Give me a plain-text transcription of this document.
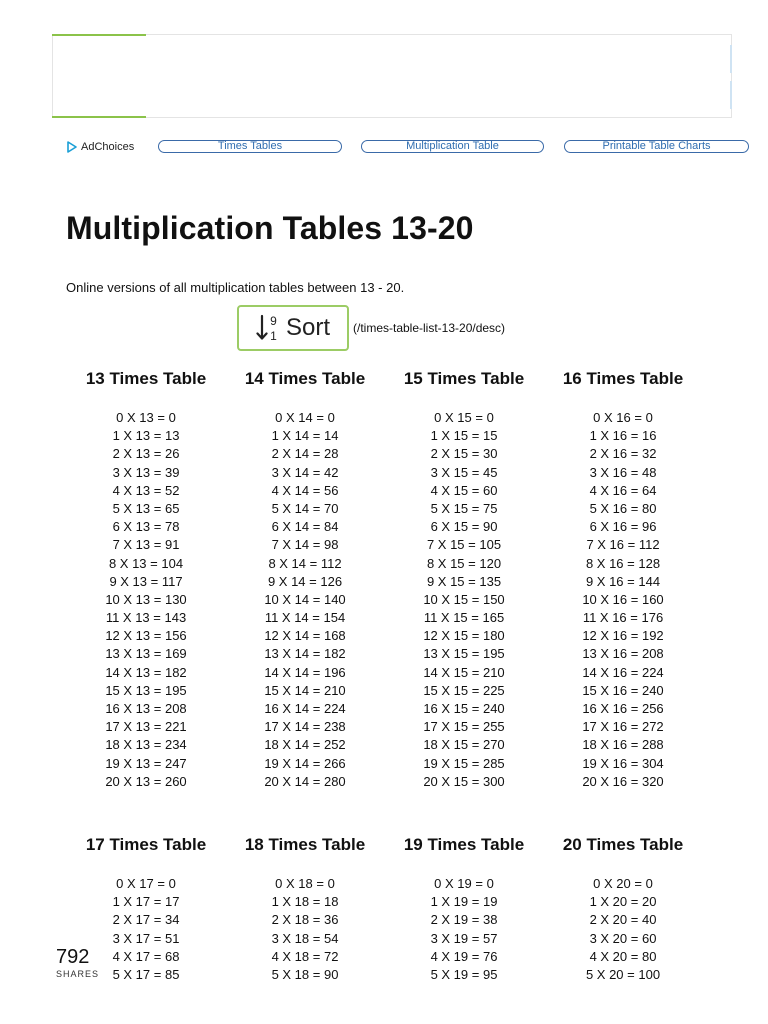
AdChoices	Times Tables	Multiplication Table	Printable Table Charts
Multiplication Tables 13-20
Online versions of all multiplication tables between 13 - 20.
9
1 Sort (/times-table-list-13-20/desc)
13 Times Table
0 X 13 = 0
1 X 13 = 13
2 X 13 = 26
3 X 13 = 39
4 X 13 = 52
5 X 13 = 65
6 X 13 = 78
7 X 13 = 91
8 X 13 = 104
9 X 13 = 117
10 X 13 = 130
11 X 13 = 143
12 X 13 = 156
13 X 13 = 169
14 X 13 = 182
15 X 13 = 195
16 X 13 = 208
17 X 13 = 221
18 X 13 = 234
19 X 13 = 247
20 X 13 = 260
14 Times Table
0 X 14 = 0
1 X 14 = 14
2 X 14 = 28
3 X 14 = 42
4 X 14 = 56
5 X 14 = 70
6 X 14 = 84
7 X 14 = 98
8 X 14 = 112
9 X 14 = 126
10 X 14 = 140
11 X 14 = 154
12 X 14 = 168
13 X 14 = 182
14 X 14 = 196
15 X 14 = 210
16 X 14 = 224
17 X 14 = 238
18 X 14 = 252
19 X 14 = 266
20 X 14 = 280
15 Times Table
0 X 15 = 0
1 X 15 = 15
2 X 15 = 30
3 X 15 = 45
4 X 15 = 60
5 X 15 = 75
6 X 15 = 90
7 X 15 = 105
8 X 15 = 120
9 X 15 = 135
10 X 15 = 150
11 X 15 = 165
12 X 15 = 180
13 X 15 = 195
14 X 15 = 210
15 X 15 = 225
16 X 15 = 240
17 X 15 = 255
18 X 15 = 270
19 X 15 = 285
20 X 15 = 300
16 Times Table
0 X 16 = 0
1 X 16 = 16
2 X 16 = 32
3 X 16 = 48
4 X 16 = 64
5 X 16 = 80
6 X 16 = 96
7 X 16 = 112
8 X 16 = 128
9 X 16 = 144
10 X 16 = 160
11 X 16 = 176
12 X 16 = 192
13 X 16 = 208
14 X 16 = 224
15 X 16 = 240
16 X 16 = 256
17 X 16 = 272
18 X 16 = 288
19 X 16 = 304
20 X 16 = 320
17 Times Table
0 X 17 = 0
1 X 17 = 17
2 X 17 = 34
3 X 17 = 51
4 X 17 = 68
5 X 17 = 85
18 Times Table
0 X 18 = 0
1 X 18 = 18
2 X 18 = 36
3 X 18 = 54
4 X 18 = 72
5 X 18 = 90
19 Times Table
0 X 19 = 0
1 X 19 = 19
2 X 19 = 38
3 X 19 = 57
4 X 19 = 76
5 X 19 = 95
20 Times Table
0 X 20 = 0
1 X 20 = 20
2 X 20 = 40
3 X 20 = 60
4 X 20 = 80
5 X 20 = 100
792
SHARES
